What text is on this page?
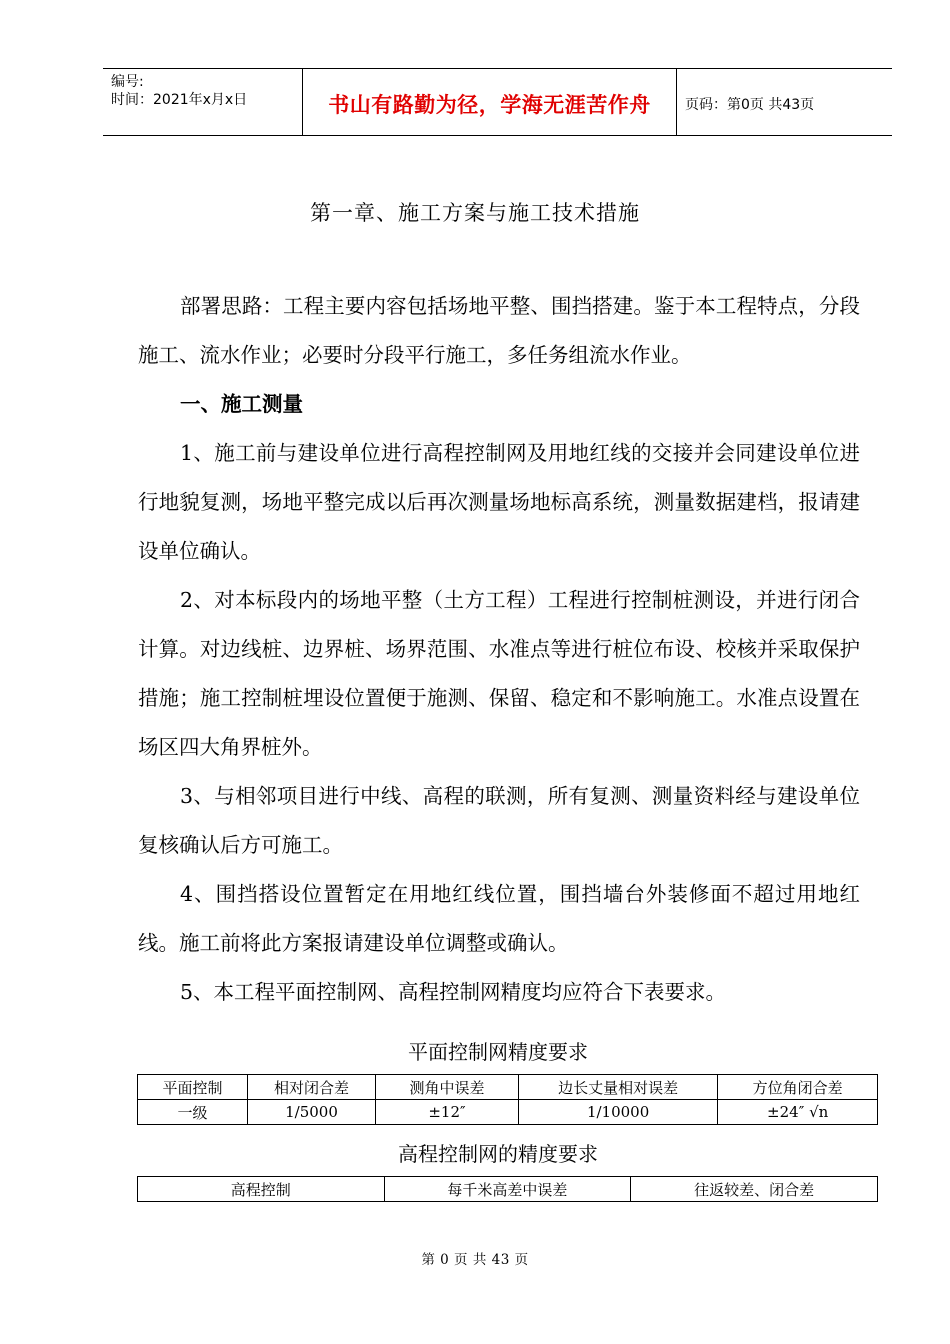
编号:
时间：2021年x月x日	书山有路勤为径，学海无涯苦作舟	页码：第0页 共43页
第一章、施工方案与施工技术措施

部署思路：工程主要内容包括场地平整、围挡搭建。鉴于本工程特点，分段施工、流水作业；必要时分段平行施工，多任务组流水作业。

一、施工测量

1、施工前与建设单位进行高程控制网及用地红线的交接并会同建设单位进行地貌复测，场地平整完成以后再次测量场地标高系统，测量数据建档，报请建设单位确认。

2、对本标段内的场地平整（土方工程）工程进行控制桩测设，并进行闭合计算。对边线桩、边界桩、场界范围、水准点等进行桩位布设、校核并采取保护措施；施工控制桩埋设位置便于施测、保留、稳定和不影响施工。水准点设置在场区四大角界桩外。

3、与相邻项目进行中线、高程的联测，所有复测、测量资料经与建设单位复核确认后方可施工。

4、围挡搭设位置暂定在用地红线位置，围挡墙台外装修面不超过用地红线。施工前将此方案报请建设单位调整或确认。

5、本工程平面控制网、高程控制网精度均应符合下表要求。

平面控制网精度要求
平面控制	相对闭合差	测角中误差	边长丈量相对误差	方位角闭合差
一级	1/5000	±12″	1/10000	±24″ √n
高程控制网的精度要求
高程控制	每千米高差中误差	往返较差、闭合差
第 0 页 共 43 页
